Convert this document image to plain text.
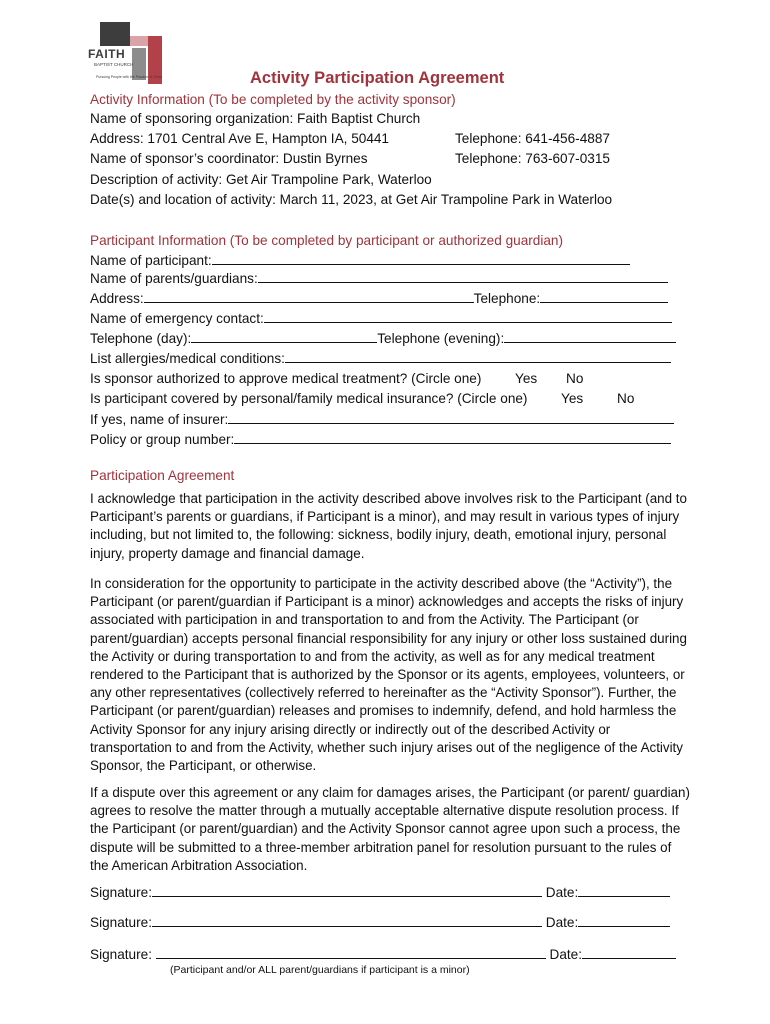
FAITH
BAPTIST CHURCH
Pursuing People with the Passion of Christ	Activity Participation Agreement
Activity Information (To be completed by the activity sponsor)
Name of sponsoring organization: Faith Baptist Church
Address: 1701 Central Ave E, Hampton IA, 50441	Telephone: 641-456-4887
Name of sponsor’s coordinator: Dustin Byrnes	Telephone: 763-607-0315
Description of activity: Get Air Trampoline Park, Waterloo
Date(s) and location of activity: March 11, 2023, at Get Air Trampoline Park in Waterloo
Participant Information (To be completed by participant or authorized guardian)
Name of participant:
Name of parents/guardians:
Address:	Telephone:
Name of emergency contact:
Telephone (day):	Telephone (evening):
List allergies/medical conditions:
Is sponsor authorized to approve medical treatment? (Circle one) Yes No
Is participant covered by personal/family medical insurance? (Circle one) Yes No
If yes, name of insurer:
Policy or group number:
Participation Agreement
I acknowledge that participation in the activity described above involves risk to the Participant (and to Participant’s parents or guardians, if Participant is a minor), and may result in various types of injury including, but not limited to, the following: sickness, bodily injury, death, emotional injury, personal injury, property damage and financial damage.
In consideration for the opportunity to participate in the activity described above (the “Activity”), the Participant (or parent/guardian if Participant is a minor) acknowledges and accepts the risks of injury associated with participation in and transportation to and from the Activity. The Participant (or parent/guardian) accepts personal financial responsibility for any injury or other loss sustained during the Activity or during transportation to and from the activity, as well as for any medical treatment rendered to the Participant that is authorized by the Sponsor or its agents, employees, volunteers, or any other representatives (collectively referred to hereinafter as the “Activity Sponsor”). Further, the Participant (or parent/guardian) releases and promises to indemnify, defend, and hold harmless the Activity Sponsor for any injury arising directly or indirectly out of the described Activity or transportation to and from the Activity, whether such injury arises out of the negligence of the Activity Sponsor, the Participant, or otherwise.
If a dispute over this agreement or any claim for damages arises, the Participant (or parent/ guardian) agrees to resolve the matter through a mutually acceptable alternative dispute resolution process. If the Participant (or parent/guardian) and the Activity Sponsor cannot agree upon such a process, the dispute will be submitted to a three-member arbitration panel for resolution pursuant to the rules of the American Arbitration Association.
Signature:	Date:
Signature:	Date:
Signature:	Date:
(Participant and/or ALL parent/guardians if participant is a minor)
